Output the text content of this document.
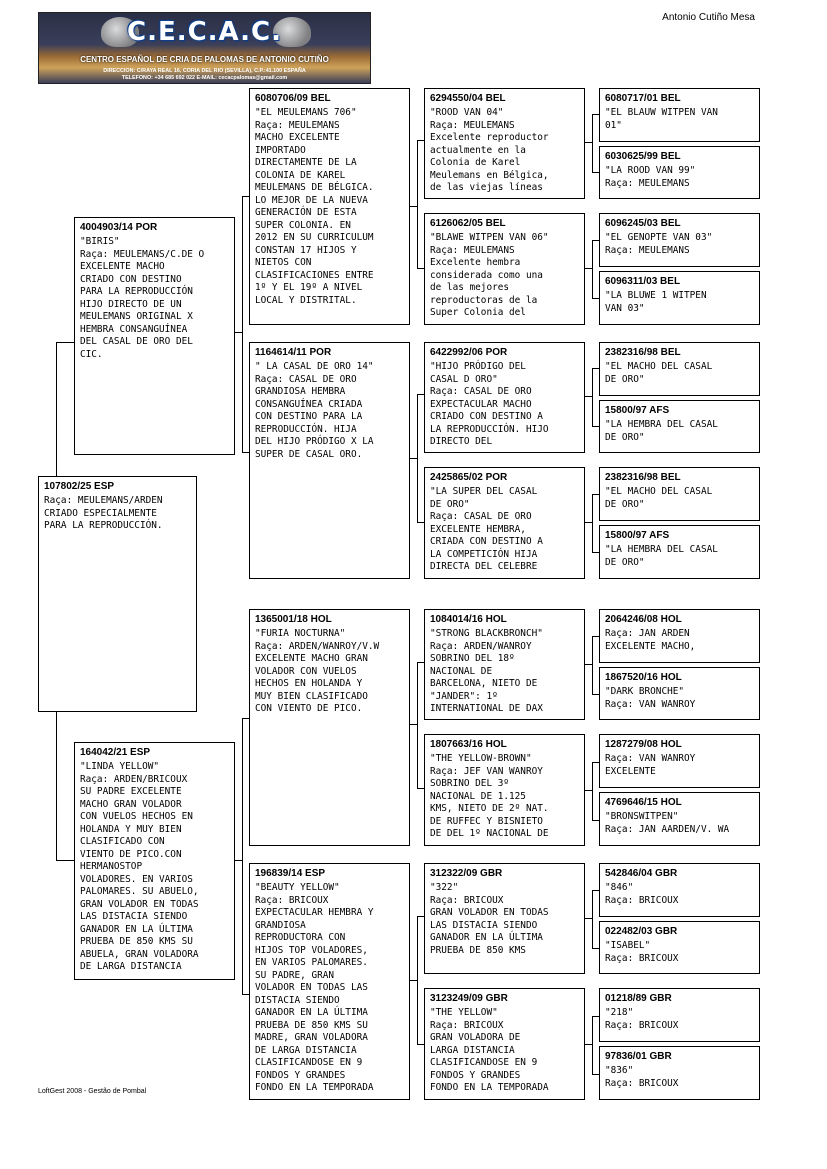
C.E.C.A.C.
CENTRO ESPAÑOL DE CRIA DE PALOMAS DE ANTONIO CUTIÑO
DIRECCION: C/RAYA REAL 16, CORIA DEL RIO (SEVILLA), C.P.:41.100 ESPAÑA
TELEFONO: +34 685 692 022 E-MAIL: cecacpalomas@gmail.com
Antonio Cutiño Mesa
107802/25 ESP
Raça: MEULEMANS/ARDEN
CRIADO ESPECIALMENTE
PARA LA REPRODUCCIÓN.
4004903/14 POR
"BIRIS"
Raça: MEULEMANS/C.DE O
EXCELENTE MACHO
CRIADO CON DESTINO
PARA LA REPRODUCCIÓN
HIJO DIRECTO DE UN
MEULEMANS ORIGINAL X
HEMBRA CONSANGUÍNEA
DEL CASAL DE ORO DEL
CIC.
164042/21 ESP
"LINDA YELLOW"
Raça: ARDEN/BRICOUX
SU PADRE EXCELENTE
MACHO GRAN VOLADOR
CON VUELOS HECHOS EN
HOLANDA Y MUY BIEN
CLASIFICADO CON
VIENTO DE PICO.CON
HERMANOSTOP
VOLADORES. EN VARIOS
PALOMARES. SU ABUELO,
GRAN VOLADOR EN TODAS
LAS DISTACIA SIENDO
GANADOR EN LA ÚLTIMA
PRUEBA DE 850 KMS SU
ABUELA, GRAN VOLADORA
DE LARGA DISTANCIA
6080706/09 BEL
"EL MEULEMANS 706"
Raça: MEULEMANS
MACHO EXCELENTE
IMPORTADO
DIRECTAMENTE DE LA
COLONIA DE KAREL
MEULEMANS DE BÉLGICA.
LO MEJOR DE LA NUEVA
GENERACIÓN DE ESTA
SUPER COLONIA. EN
2012 EN SU CURRICULUM
CONSTAN 17 HIJOS Y
NIETOS CON
CLASIFICACIONES ENTRE
1º Y EL 19º A NIVEL
LOCAL Y DISTRITAL.
1164614/11 POR
" LA CASAL DE ORO 14"
Raça: CASAL DE ORO
GRANDIOSA HEMBRA
CONSANGUÍNEA CRIADA
CON DESTINO PARA LA
REPRODUCCIÓN. HIJA
DEL HIJO PRÓDIGO X LA
SUPER DE CASAL ORO.
1365001/18 HOL
"FURIA NOCTURNA"
Raça: ARDEN/WANROY/V.W
EXCELENTE MACHO GRAN
VOLADOR CON VUELOS
HECHOS EN HOLANDA Y
MUY BIEN CLASIFICADO
CON VIENTO DE PICO.
196839/14 ESP
"BEAUTY YELLOW"
Raça: BRICOUX
EXPECTACULAR HEMBRA Y
GRANDIOSA
REPRODUCTORA CON
HIJOS TOP VOLADORES,
EN VARIOS PALOMARES.
SU PADRE, GRAN
VOLADOR EN TODAS LAS
DISTACIA SIENDO
GANADOR EN LA ÚLTIMA
PRUEBA DE 850 KMS SU
MADRE, GRAN VOLADORA
DE LARGA DISTANCIA
CLASIFICANDOSE EN 9
FONDOS Y GRANDES
FONDO EN LA TEMPORADA
6294550/04 BEL
"ROOD VAN 04"
Raça: MEULEMANS
Excelente reproductor
actualmente en la
Colonia de Karel
Meulemans en Bélgica,
de las viejas líneas
6126062/05 BEL
"BLAWE WITPEN VAN 06"
Raça: MEULEMANS
Excelente hembra
considerada como una
de las mejores
reproductoras de la
Super Colonia del
6422992/06 POR
"HIJO PRÓDIGO DEL
CASAL D ORO"
Raça: CASAL DE ORO
EXPECTACULAR MACHO
CRIADO CON DESTINO A
LA REPRODUCCIÓN. HIJO
DIRECTO DEL
2425865/02 POR
"LA SUPER DEL CASAL
DE ORO"
Raça: CASAL DE ORO
EXCELENTE HEMBRA,
CRIADA CON DESTINO A
LA COMPETICIÓN HIJA
DIRECTA DEL CELEBRE
1084014/16 HOL
"STRONG BLACKBRONCH"
Raça: ARDEN/WANROY
SOBRINO DEL 18º
NACIONAL DE
BARCELONA, NIETO DE
"JANDER": 1º
INTERNATIONAL DE DAX
1807663/16 HOL
"THE YELLOW-BROWN"
Raça: JEF VAN WANROY
SOBRINO DEL 3º
NACIONAL DE 1.125
KMS, NIETO DE 2º NAT.
DE RUFFEC Y BISNIETO
DE DEL 1º NACIONAL DE
312322/09 GBR
"322"
Raça: BRICOUX
GRAN VOLADOR EN TODAS
LAS DISTACIA SIENDO
GANADOR EN LA ÚLTIMA
PRUEBA DE 850 KMS
3123249/09 GBR
"THE YELLOW"
Raça: BRICOUX
GRAN VOLADORA DE
LARGA DISTANCIA
CLASIFICANDOSE EN 9
FONDOS Y GRANDES
FONDO EN LA TEMPORADA
6080717/01 BEL
"EL BLAUW WITPEN VAN
01"
6030625/99 BEL
"LA ROOD VAN 99"
Raça: MEULEMANS
6096245/03 BEL
"EL GENOPTE VAN 03"
Raça: MEULEMANS
6096311/03 BEL
"LA BLUWE 1 WITPEN
VAN 03"
2382316/98 BEL
"EL MACHO DEL CASAL
DE ORO"
15800/97 AFS
"LA HEMBRA DEL CASAL
DE ORO"
2382316/98 BEL
"EL MACHO DEL CASAL
DE ORO"
15800/97 AFS
"LA HEMBRA DEL CASAL
DE ORO"
2064246/08 HOL
Raça: JAN ARDEN
EXCELENTE MACHO,
1867520/16 HOL
"DARK BRONCHE"
Raça: VAN WANROY
1287279/08 HOL
Raça: VAN WANROY
EXCELENTE
4769646/15 HOL
"BRONSWITPEN"
Raça: JAN AARDEN/V. WA
542846/04 GBR
"846"
Raça: BRICOUX
022482/03 GBR
"ISABEL"
Raça: BRICOUX
01218/89 GBR
"218"
Raça: BRICOUX
97836/01 GBR
"836"
Raça: BRICOUX
LoftGest 2008 - Gestão de Pombal
